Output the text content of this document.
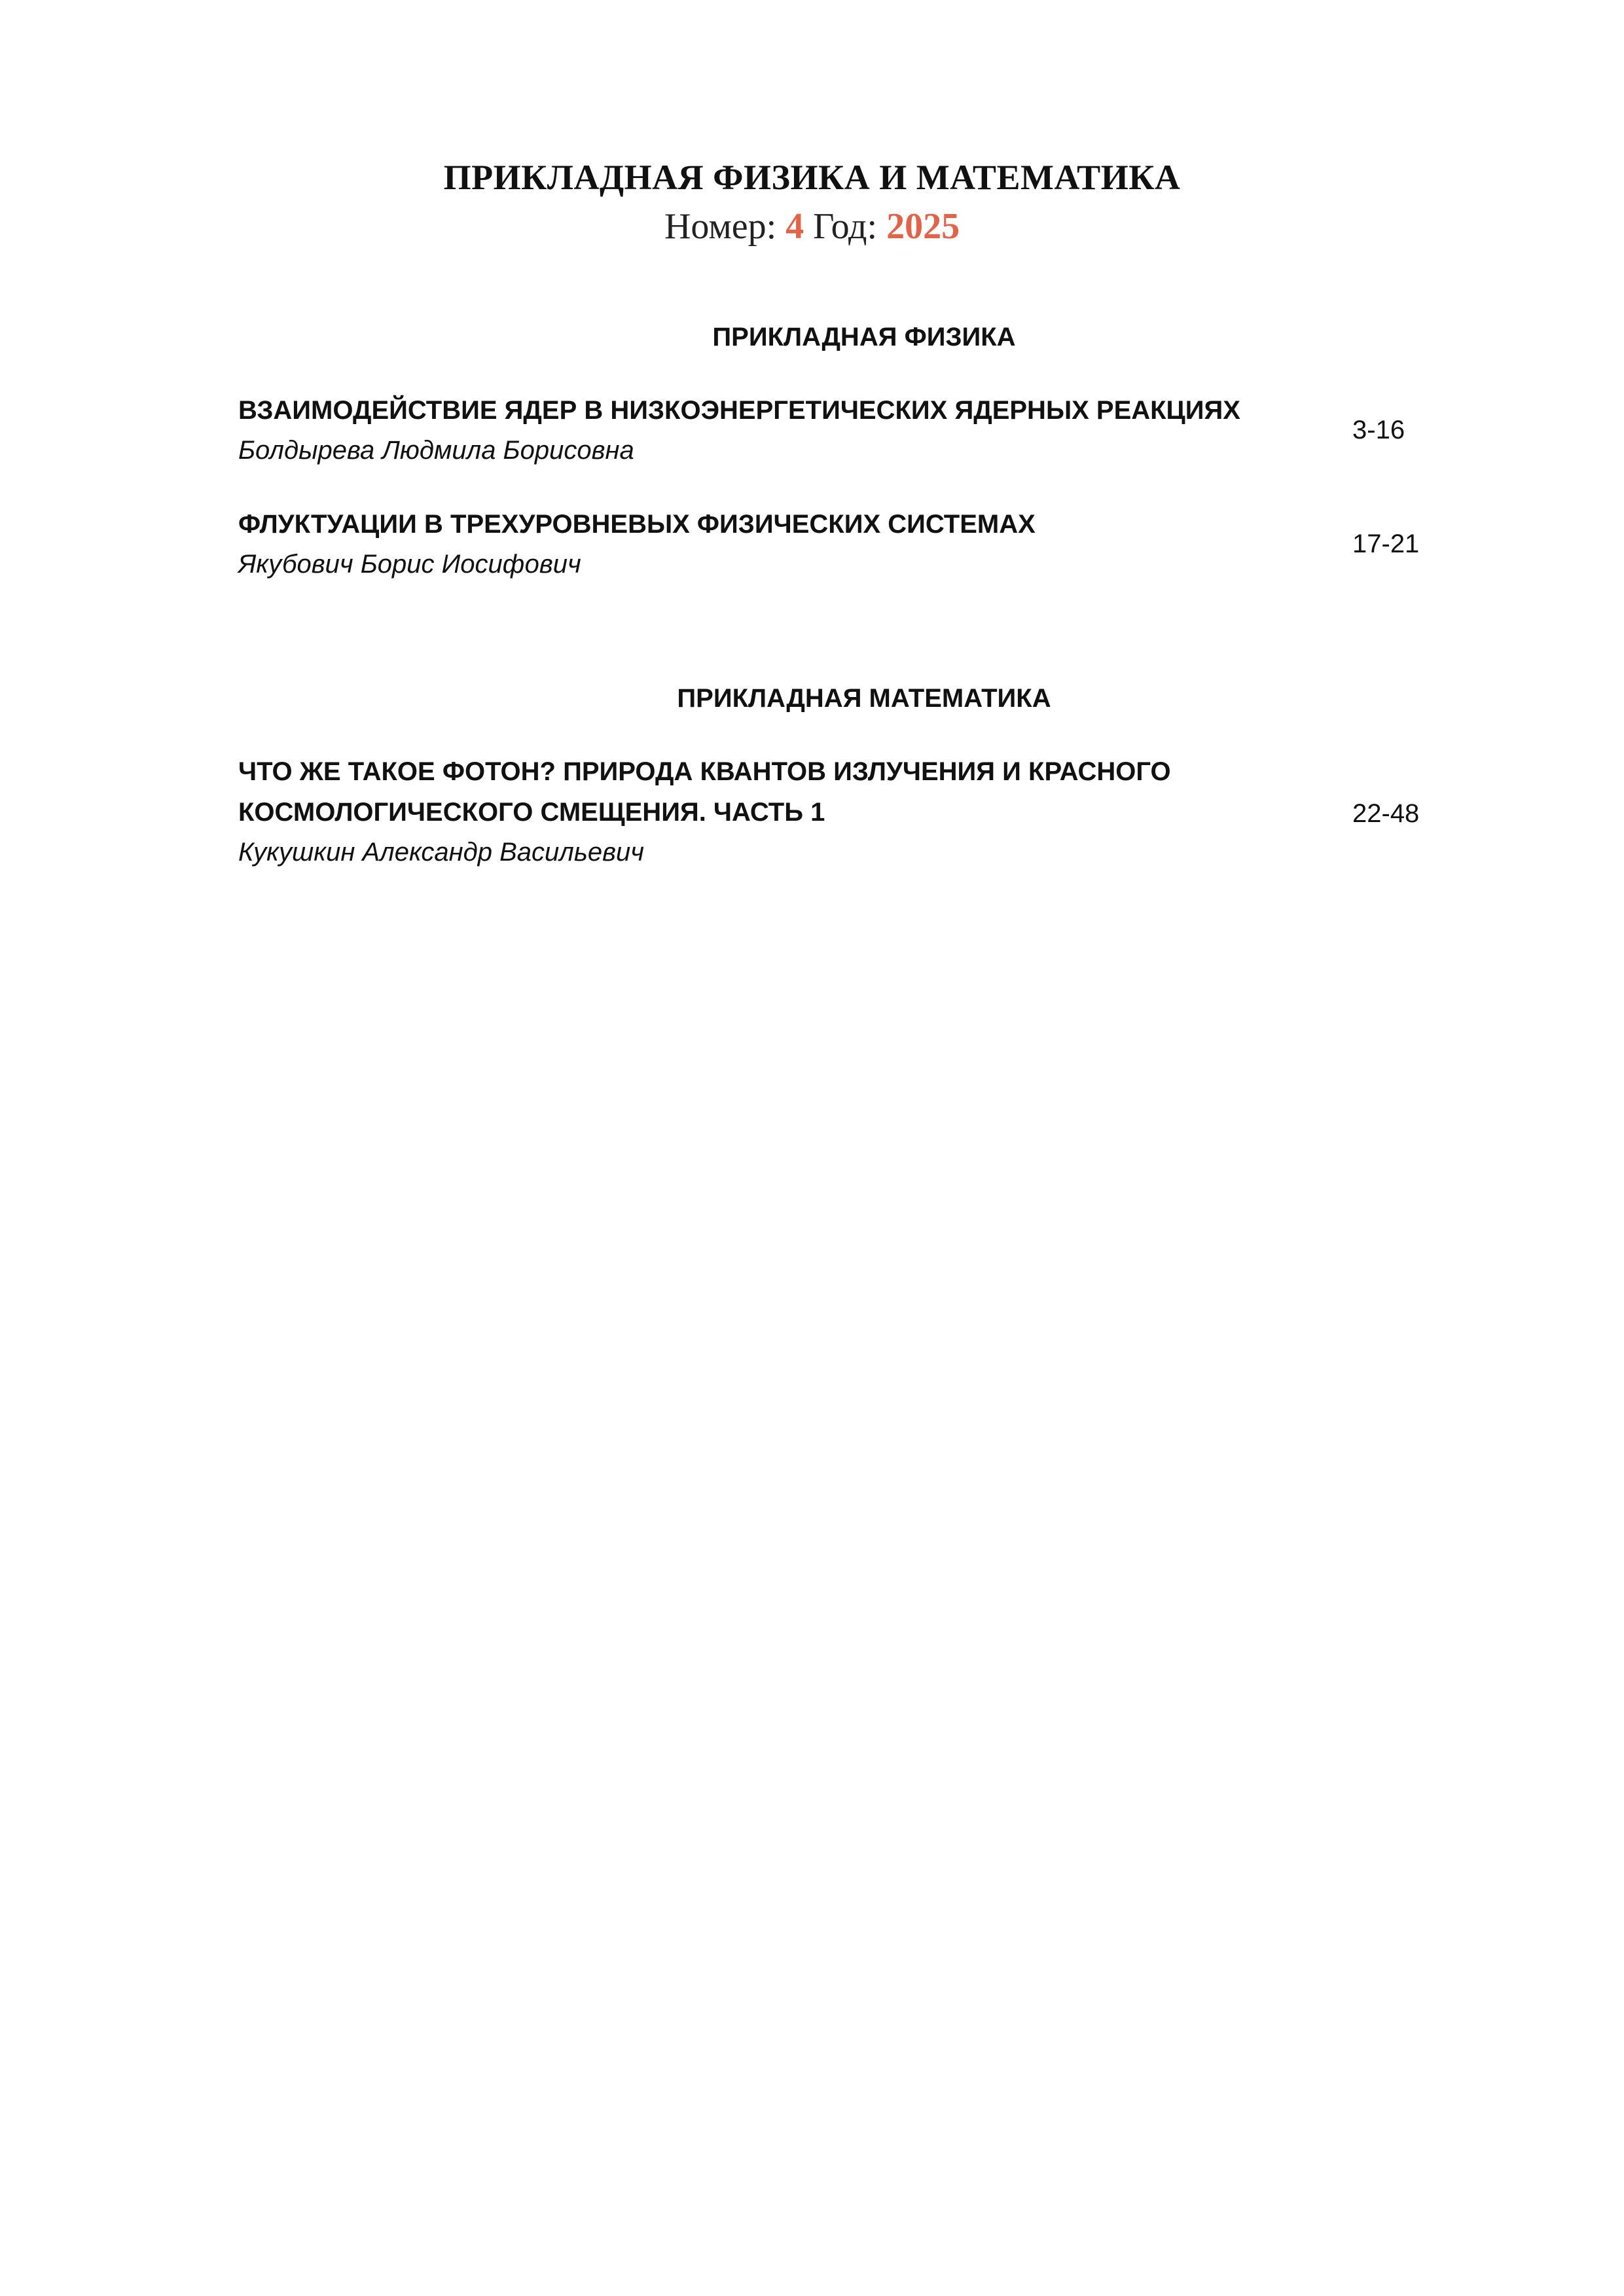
ПРИКЛАДНАЯ ФИЗИКА И МАТЕМАТИКА
Номер: 4 Год: 2025
ПРИКЛАДНАЯ ФИЗИКА

ВЗАИМОДЕЙСТВИЕ ЯДЕР В НИЗКОЭНЕРГЕТИЧЕСКИХ ЯДЕРНЫХ РЕАКЦИЯХ

Болдырева Людмила Борисовна

3-16

ФЛУКТУАЦИИ В ТРЕХУРОВНЕВЫХ ФИЗИЧЕСКИХ СИСТЕМАХ

Якубович Борис Иосифович

17-21
ПРИКЛАДНАЯ МАТЕМАТИКА

ЧТО ЖЕ ТАКОЕ ФОТОН? ПРИРОДА КВАНТОВ ИЗЛУЧЕНИЯ И КРАСНОГО

КОСМОЛОГИЧЕСКОГО СМЕЩЕНИЯ. ЧАСТЬ 1

Кукушкин Александр Васильевич

22-48
